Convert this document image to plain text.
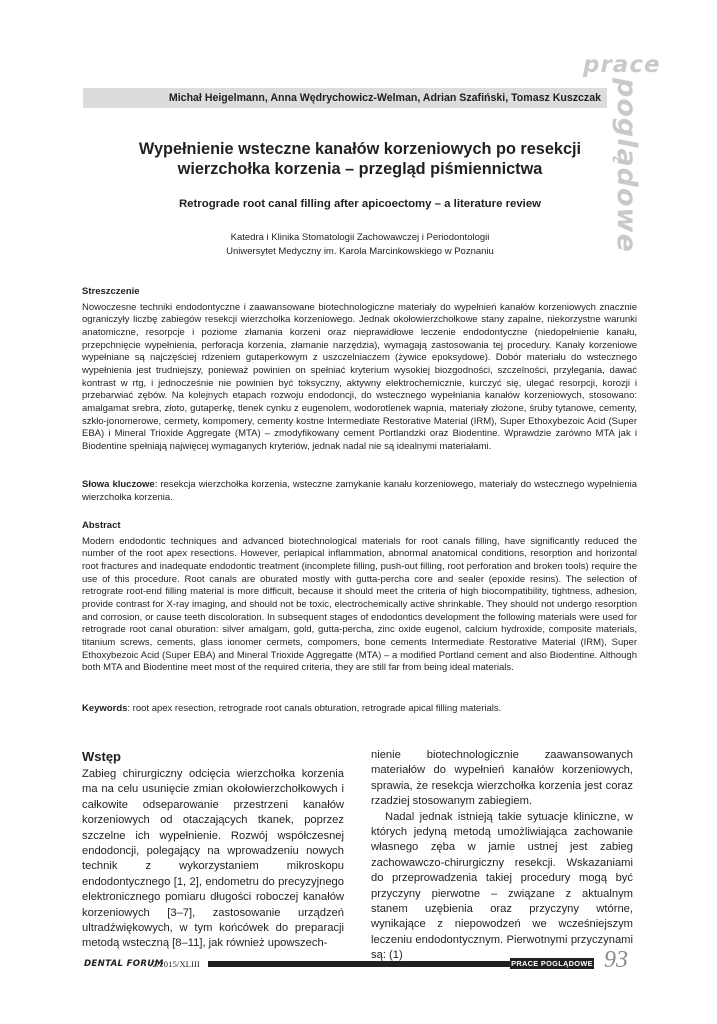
prace
poglądowe
Michał Heigelmann, Anna Wędrychowicz-Welman, Adrian Szafiński, Tomasz Kuszczak
Wypełnienie wsteczne kanałów korzeniowych po resekcji
wierzchołka korzenia – przegląd piśmiennictwa
Retrograde root canal filling after apicoectomy – a literature review
Katedra i Klinika Stomatologii Zachowawczej i Periodontologii
Uniwersytet Medyczny im. Karola Marcinkowskiego w Poznaniu
Streszczenie
Nowoczesne techniki endodontyczne i zaawansowane biotechnologiczne materiały do wypełnień kanałów korzeniowych znacznie ograniczyły liczbę zabiegów resekcji wierzchołka korzeniowego. Jednak okołowierzchołkowe stany zapalne, niekorzystne warunki anatomiczne, resorpcje i poziome złamania korzeni oraz nieprawidłowe leczenie endodontyczne (niedopełnienie kanału, przepchnięcie wypełnienia, perforacja korzenia, złamanie narzędzia), wymagają zastosowania tej procedury. Kanały korzeniowe wypełniane są najczęściej rdzeniem gutaperkowym z uszczelniaczem (żywice epoksydowe). Dobór materiału do wstecznego wypełnienia jest trudniejszy, ponieważ powinien on spełniać kryterium wysokiej biozgodności, szczelności, przylegania, dawać kontrast w rtg, i jednocześnie nie powinien być toksyczny, aktywny elektrochemicznie, kurczyć się, ulegać resorpcji, korozji i przebarwiać zębów. Na kolejnych etapach rozwoju endodoncji, do wstecznego wypełniania kanałów korzeniowych, stosowano: amalgamat srebra, złoto, gutaperkę, tlenek cynku z eugenolem, wodorotlenek wapnia, materiały złożone, śruby tytanowe, cementy, szkło-jonomerowe, cermety, kompomery, cementy kostne Intermediate Restorative Material (IRM), Super Ethoxybezoic Acid (Super EBA) i Mineral Trioxide Aggregate (MTA) – zmodyfikowany cement Portlandzki oraz Biodentine. Wprawdzie zarówno MTA jak i Biodentine spełniają najwięcej wymaganych kryteriów, jednak nadal nie są idealnymi materiałami.
Słowa kluczowe: resekcja wierzchołka korzenia, wsteczne zamykanie kanału korzeniowego, materiały do wstecznego wypełnienia wierzchołka korzenia.
Abstract
Modern endodontic techniques and advanced biotechnological materials for root canals filling, have significantly reduced the number of the root apex resections. However, periapical inflammation, abnormal anatomical conditions, resorption and horizontal root fractures and inadequate endodontic treatment (incomplete filling, push-out filling, root perforation and broken tools) require the use of this procedure. Root canals are oburated mostly with gutta-percha core and sealer (epoxide resins). The selection of retrograte root-end filling material is more difficult, because it should meet the criteria of high biocompatibility, tightness, adhesion, provide contrast for X-ray imaging, and should not be toxic, electrochemically active shrinkable. They should not undergo resorption and corrosion, or cause teeth discoloration. In subsequent stages of endodontics development the following materials were used for retrograde root canal oburation: silver amalgam, gold, gutta-percha, zinc oxide eugenol, calcium hydroxide, composite materials, titanium screws, cements, glass ionomer cermets, compomers, bone cements Intermediate Restorative Material (IRM), Super Ethoxybezoic Acid (Super EBA) and Mineral Trioxide Aggregatte (MTA) – a modified Portland cement and also Biodentine. Although both MTA and Biodentine meet most of the required criteria, they are still far from being ideal materials.
Keywords: root apex resection, retrograde root canals obturation, retrograde apical filling materials.
Wstęp

Zabieg chirurgiczny odcięcia wierzchołka korzenia ma na celu usunięcie zmian okołowierzchołkowych i całkowite odseparowanie przestrzeni kanałów korzeniowych od otaczających tkanek, poprzez szczelne ich wypełnienie. Rozwój współczesnej endodoncji, polegający na wprowadzeniu nowych technik z wykorzystaniem mikroskopu endodontycznego [1, 2], endometru do precyzyjnego elektronicznego pomiaru długości roboczej kanałów korzeniowych [3–7], zastosowanie urządzeń ultradźwiękowych, w tym końcówek do preparacji metodą wsteczną [8–11], jak również upowszech-

nienie biotechnologicznie zaawansowanych materiałów do wypełnień kanałów korzeniowych, sprawia, że resekcja wierzchołka korzenia jest coraz rzadziej stosowanym zabiegiem.

Nadal jednak istnieją takie sytuacje kliniczne, w których jedyną metodą umożliwiająca zachowanie własnego zęba w jamie ustnej jest zabieg zachowawczo-chirurgiczny resekcji. Wskazaniami do przeprowadzenia takiej procedury mogą być przyczyny pierwotne – związane z aktualnym stanem uzębienia oraz przyczyny wtórne, wynikające z niepowodzeń we wcześniejszym leczeniu endodontycznym. Pierwotnymi przyczynami są: (1)

DENTAL FORUM
/2/2015/XLIII	PRACE POGLĄDOWE 93
